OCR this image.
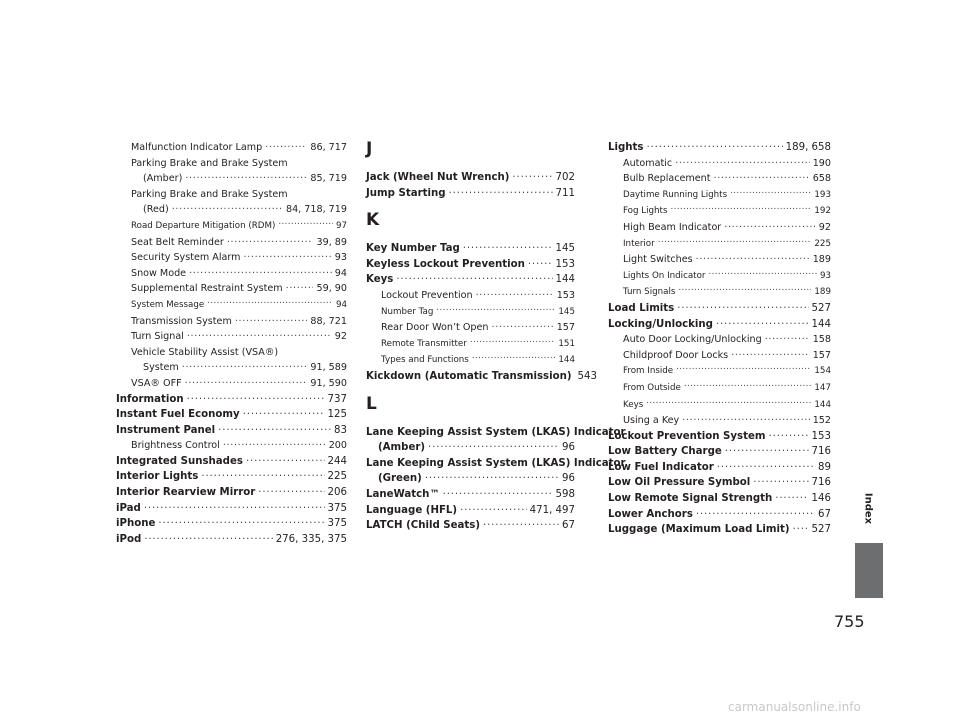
Malfunction Indicator Lamp . . .	86, 717
Parking Brake and Brake System
(Amber) . . .	85, 719
Parking Brake and Brake System
(Red) . . .	84, 718, 719
Road Departure Mitigation (RDM) . . .	97
Seat Belt Reminder . . .	39, 89
Security System Alarm . . .	93
Snow Mode . . .	94
Supplemental Restraint System . . .	59, 90
System Message . . .	94
Transmission System . . .	88, 721
Turn Signal . . .	92
Vehicle Stability Assist (VSA®)
System . . .	91, 589
VSA® OFF . . .	91, 590
Information . . .	737
Instant Fuel Economy . . .	125
Instrument Panel . . .	83
Brightness Control . . .	200
Integrated Sunshades . . .	244
Interior Lights . . .	225
Interior Rearview Mirror . . .	206
iPad . . .	375
iPhone . . .	375
iPod . . .	276, 335, 375
J
Jack (Wheel Nut Wrench) . . .	702
Jump Starting . . .	711
K
Key Number Tag . . .	145
Keyless Lockout Prevention . . .	153
Keys . . .	144
Lockout Prevention . . .	153
Number Tag . . .	145
Rear Door Won’t Open . . .	157
Remote Transmitter . . .	151
Types and Functions . . .	144
Kickdown (Automatic Transmission) 543
L
Lane Keeping Assist System (LKAS) Indicator
(Amber) . . .	96
Lane Keeping Assist System (LKAS) Indicator
(Green) . . .	96
LaneWatch™ . . .	598
Language (HFL) . . .	471, 497
LATCH (Child Seats) . . .	67
Lights . . .	189, 658
Automatic . . .	190
Bulb Replacement . . .	658
Daytime Running Lights . . .	193
Fog Lights . . .	192
High Beam Indicator . . .	92
Interior . . .	225
Light Switches . . .	189
Lights On Indicator . . .	93
Turn Signals . . .	189
Load Limits . . .	527
Locking/Unlocking . . .	144
Auto Door Locking/Unlocking . . .	158
Childproof Door Locks . . .	157
From Inside . . .	154
From Outside . . .	147
Keys . . .	144
Using a Key . . .	152
Lockout Prevention System . . .	153
Low Battery Charge . . .	716
Low Fuel Indicator . . .	89
Low Oil Pressure Symbol . . .	716
Low Remote Signal Strength . . .	146
Lower Anchors . . .	67
Luggage (Maximum Load Limit) . . . 527
Index
755
carmanualsonline.info
